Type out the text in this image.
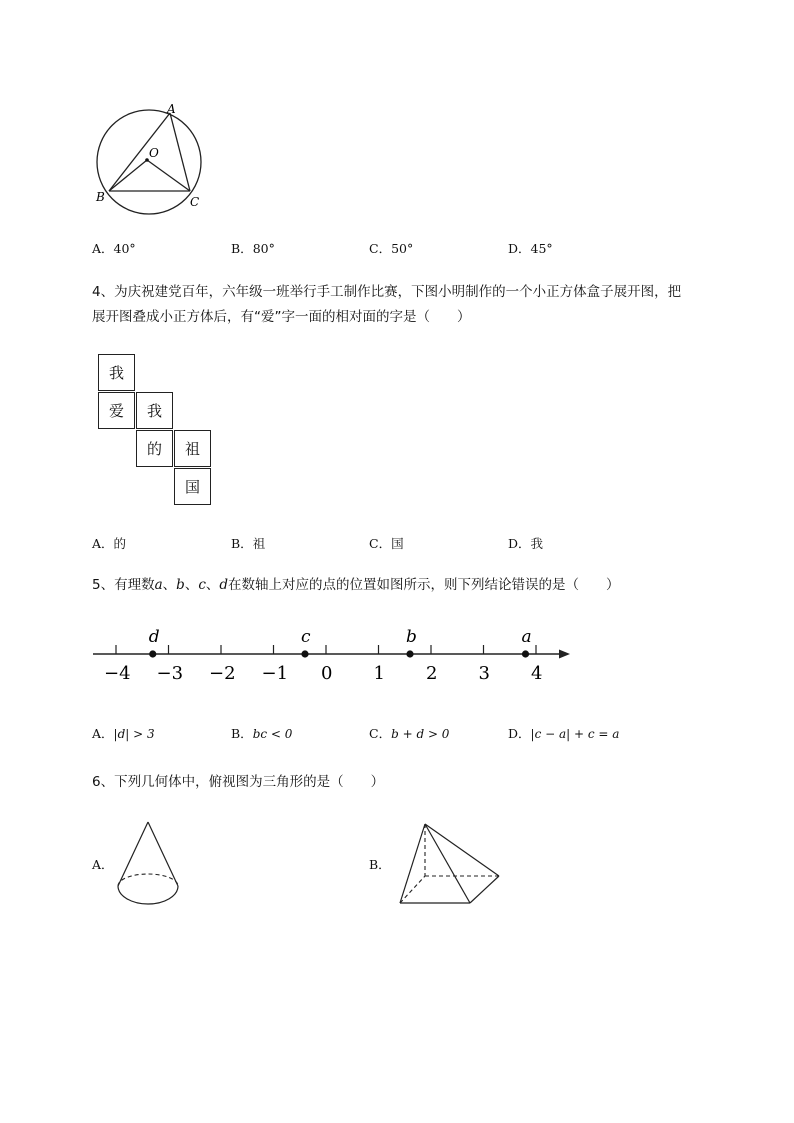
A
O
B	C
A．40°	B．80°	C．50°	D．45°
4、为庆祝建党百年，六年级一班举行手工制作比赛，下图小明制作的一个小正方体盒子展开图，把
展开图叠成小正方体后，有“爱”字一面的相对面的字是（　　）
我
爱	我
的	祖
国
A．的	B．祖	C．国	D．我
5、有理数a、b、c、d在数轴上对应的点的位置如图所示，则下列结论错误的是（　　）
−4 −3 −2 −1 0 1 2 3 4
d	c	b	a
A．|d| > 3	B．bc < 0	C．b + d > 0	D．|c − a| + c = a
6、下列几何体中，俯视图为三角形的是（　　）
A．	B．
